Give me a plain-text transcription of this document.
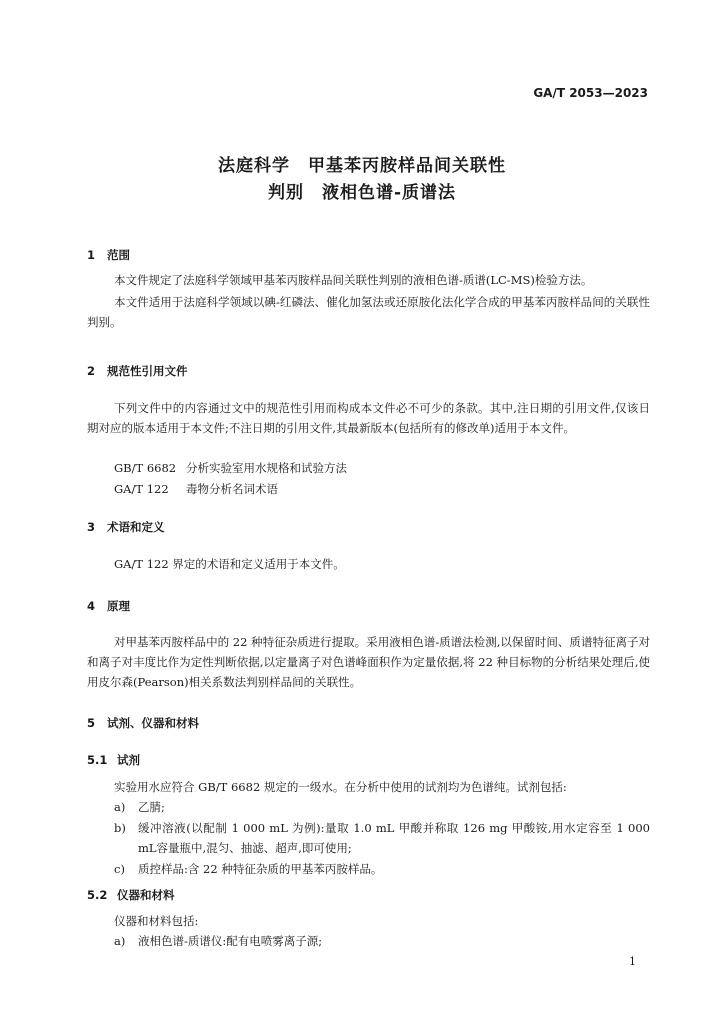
GA/T 2053—2023
法庭科学 甲基苯丙胺样品间关联性
判别 液相色谱-质谱法
1 范围
本文件规定了法庭科学领域甲基苯丙胺样品间关联性判别的液相色谱-质谱(LC-MS)检验方法。
本文件适用于法庭科学领域以碘-红磷法、催化加氢法或还原胺化法化学合成的甲基苯丙胺样品间的关联性判别。
2 规范性引用文件
下列文件中的内容通过文中的规范性引用而构成本文件必不可少的条款。其中,注日期的引用文件,仅该日期对应的版本适用于本文件;不注日期的引用文件,其最新版本(包括所有的修改单)适用于本文件。
GB/T 6682 分析实验室用水规格和试验方法
GA/T 122 毒物分析名词术语
3 术语和定义
GA/T 122 界定的术语和定义适用于本文件。
4 原理
对甲基苯丙胺样品中的 22 种特征杂质进行提取。采用液相色谱-质谱法检测,以保留时间、质谱特征离子对和离子对丰度比作为定性判断依据,以定量离子对色谱峰面积作为定量依据,将 22 种目标物的分析结果处理后,使用皮尔森(Pearson)相关系数法判别样品间的关联性。
5 试剂、仪器和材料
5.1 试剂
实验用水应符合 GB/T 6682 规定的一级水。在分析中使用的试剂均为色谱纯。试剂包括:
a)	乙腈;
b)	缓冲溶液(以配制 1 000 mL 为例):量取 1.0 mL 甲酸并称取 126 mg 甲酸铵,用水定容至 1 000 mL容量瓶中,混匀、抽滤、超声,即可使用;
c)	质控样品:含 22 种特征杂质的甲基苯丙胺样品。
5.2 仪器和材料
仪器和材料包括:
a)	液相色谱-质谱仪:配有电喷雾离子源;
1
